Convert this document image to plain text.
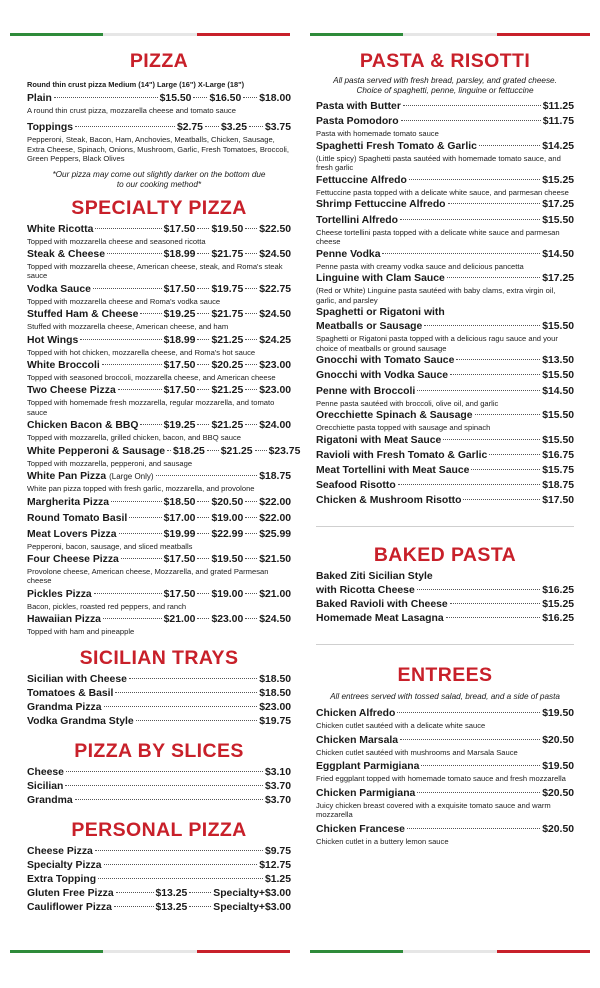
PIZZA
Round thin crust pizza Medium (14") Large (16") X-Large (18")
Plain	$15.50 $16.50 $18.00
A round thin crust pizza, mozzarella cheese and tomato sauce
Toppings	$2.75 $3.25 $3.75
Pepperoni, Steak, Bacon, Ham, Anchovies, Meatballs, Chicken, Sausage, Extra Cheese, Spinach, Onions, Mushroom, Garlic, Fresh Tomatoes, Broccoli, Green Peppers, Black Olives
*Our pizza may come out slightly darker on the bottom due to our cooking method*
SPECIALTY PIZZA
White Ricotta	$17.50 $19.50 $22.50
Topped with mozzarella cheese and seasoned ricotta
Steak & Cheese	$18.99 $21.75 $24.50
Topped with mozzarella cheese, American cheese, steak, and Roma's steak sauce
Vodka Sauce	$17.50 $19.75 $22.75
Topped with mozzarella cheese and Roma's vodka sauce
Stuffed Ham & Cheese $19.25 $21.75 $24.50
Stuffed with mozzarella cheese, American cheese, and ham
Hot Wings	$18.99 $21.25 $24.25
Topped with hot chicken, mozzarella cheese, and Roma's hot sauce
White Broccoli	$17.50 $20.25 $23.00
Topped with seasoned broccoli, mozzarella cheese, and American cheese
Two Cheese Pizza	$17.50 $21.25 $23.00
Topped with homemade fresh mozzarella, regular mozzarella, and tomato sauce
Chicken Bacon & BBQ $19.25 $21.25 $24.00
Topped with mozzarella, grilled chicken, bacon, and BBQ sauce
White Pepperoni & Sausage $18.25 $21.25 $23.75
Topped with mozzarella, pepperoni, and sausage
White Pan Pizza (Large Only)	$18.75
White pan pizza topped with fresh garlic, mozzarella, and provolone
Margherita Pizza	$18.50 $20.50 $22.00
Round Tomato Basil	$17.00 $19.00 $22.00
Meat Lovers Pizza	$19.99 $22.99 $25.99
Pepperoni, bacon, sausage, and sliced meatballs
Four Cheese Pizza	$17.50 $19.50 $21.50
Provolone cheese, American cheese, Mozzarella, and grated Parmesan cheese
Pickles Pizza	$17.50 $19.00 $21.00
Bacon, pickles, roasted red peppers, and ranch
Hawaiian Pizza	$21.00 $23.00 $24.50
Topped with ham and pineapple
SICILIAN TRAYS
Sicilian with Cheese	$18.50
Tomatoes & Basil	$18.50
Grandma Pizza	$23.00
Vodka Grandma Style	$19.75
PIZZA BY SLICES
Cheese	$3.10
Sicilian	$3.70
Grandma	$3.70
PERSONAL PIZZA
Cheese Pizza	$9.75
Specialty Pizza	$12.75
Extra Topping	$1.25
Gluten Free Pizza	$13.25	Specialty +$3.00
Cauliflower Pizza	$13.25	Specialty +$3.00
PASTA & RISOTTI
All pasta served with fresh bread, parsley, and grated cheese. Choice of spaghetti, penne, linguine or fettuccine
Pasta with Butter	$11.25
Pasta Pomodoro	$11.75
Pasta with homemade tomato sauce
Spaghetti Fresh Tomato & Garlic	$14.25
(Little spicy) Spaghetti pasta sautéed with homemade tomato sauce, and fresh garlic
Fettuccine Alfredo	$15.25
Fettuccine pasta topped with a delicate white sauce, and parmesan cheese
Shrimp Fettuccine Alfredo	$17.25
Tortellini Alfredo	$15.50
Cheese tortellini pasta topped with a delicate white sauce and parmesan cheese
Penne Vodka	$14.50
Penne pasta with creamy vodka sauce and delicious pancetta
Linguine with Clam Sauce	$17.25
(Red or White) Linguine pasta sautéed with baby clams, extra virgin oil, garlic, and parsley
Spaghetti or Rigatoni with
Meatballs or Sausage	$15.50
Spaghetti or Rigatoni pasta topped with a delicious ragu sauce and your choice of meatballs or ground sausage
Gnocchi with Tomato Sauce	$13.50
Gnocchi with Vodka Sauce	$15.50
Penne with Broccoli	$14.50
Penne pasta sautéed with broccoli, olive oil, and garlic
Orecchiette Spinach & Sausage	$15.50
Orecchiette pasta topped with sausage and spinach
Rigatoni with Meat Sauce	$15.50
Ravioli with Fresh Tomato & Garlic	$16.75
Meat Tortellini with Meat Sauce	$15.75
Seafood Risotto	$18.75
Chicken & Mushroom Risotto	$17.50
BAKED PASTA
Baked Ziti Sicilian Style
with Ricotta Cheese	$16.25
Baked Ravioli with Cheese	$15.25
Homemade Meat Lasagna	$16.25
ENTREES
All entrees served with tossed salad, bread, and a side of pasta
Chicken Alfredo	$19.50
Chicken cutlet sautéed with a delicate white sauce
Chicken Marsala	$20.50
Chicken cutlet sautéed with mushrooms and Marsala Sauce
Eggplant Parmigiana	$19.50
Fried eggplant topped with homemade tomato sauce and fresh mozzarella
Chicken Parmigiana	$20.50
Juicy chicken breast covered with a exquisite tomato sauce and warm mozzarella
Chicken Francese	$20.50
Chicken cutlet in a buttery lemon sauce
